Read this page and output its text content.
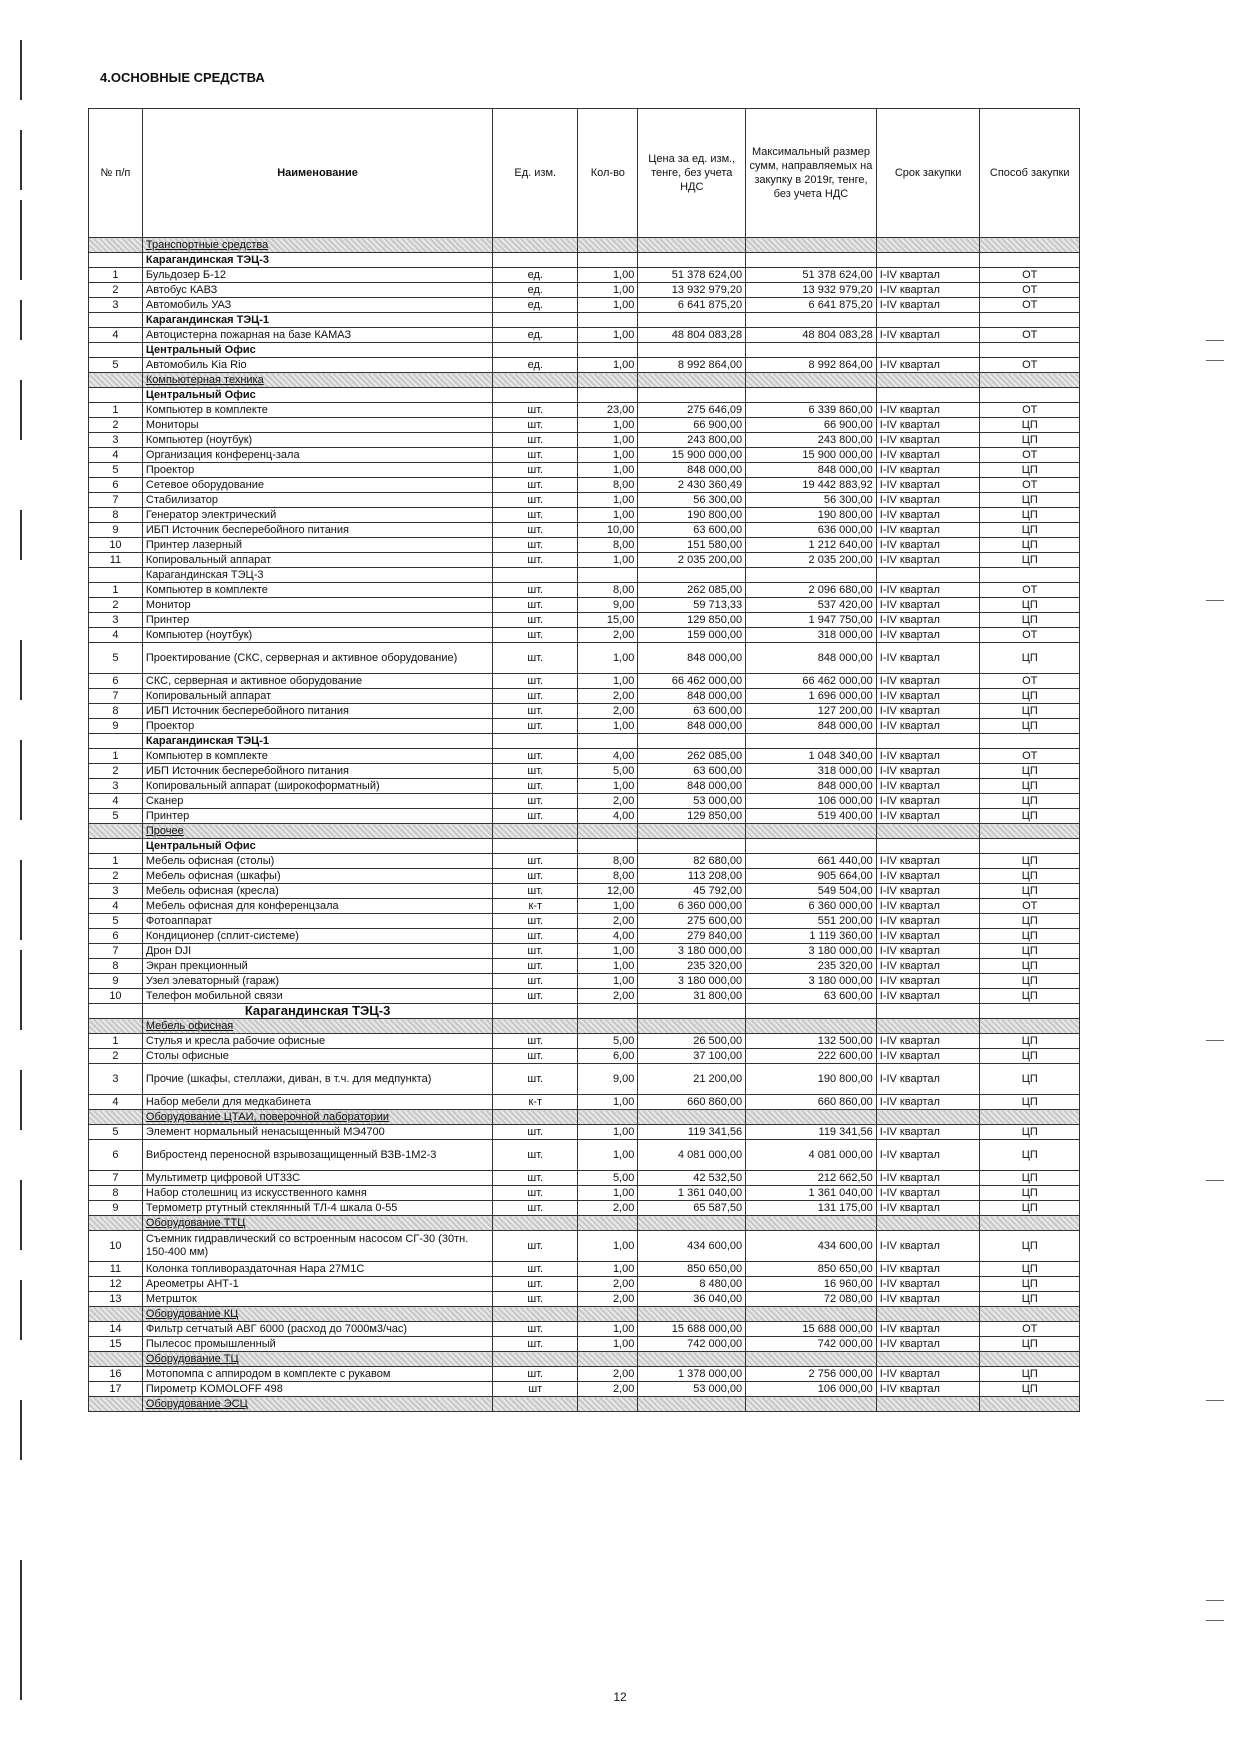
4.ОСНОВНЫЕ СРЕДСТВА
№ п/п	Наименование	Ед. изм.	Кол-во	Цена за ед. изм., тенге, без учета НДС	Максимальный размер сумм, направляемых на закупку в 2019г, тенге, без учета НДС	Срок закупки	Способ закупки
	Транспортные средства						
	Карагандинская ТЭЦ-3						
1	Бульдозер Б-12	ед.	1,00	51 378 624,00	51 378 624,00	I-IV квартал	ОТ
2	Автобус КАВЗ	ед.	1,00	13 932 979,20	13 932 979,20	I-IV квартал	ОТ
3	Автомобиль УАЗ	ед.	1,00	6 641 875,20	6 641 875,20	I-IV квартал	ОТ
	Карагандинская ТЭЦ-1						
4	Автоцистерна пожарная на базе КАМАЗ	ед.	1,00	48 804 083,28	48 804 083,28	I-IV квартал	ОТ
	Центральный Офис						
5	Автомобиль Kia Rio	ед.	1,00	8 992 864,00	8 992 864,00	I-IV квартал	ОТ
	Компьютерная техника						
	Центральный Офис						
1	Компьютер в комплекте	шт.	23,00	275 646,09	6 339 860,00	I-IV квартал	ОТ
2	Мониторы	шт.	1,00	66 900,00	66 900,00	I-IV квартал	ЦП
3	Компьютер (ноутбук)	шт.	1,00	243 800,00	243 800,00	I-IV квартал	ЦП
4	Организация конференц-зала	шт.	1,00	15 900 000,00	15 900 000,00	I-IV квартал	ОТ
5	Проектор	шт.	1,00	848 000,00	848 000,00	I-IV квартал	ЦП
6	Сетевое оборудование	шт.	8,00	2 430 360,49	19 442 883,92	I-IV квартал	ОТ
7	Стабилизатор	шт.	1,00	56 300,00	56 300,00	I-IV квартал	ЦП
8	Генератор электрический	шт.	1,00	190 800,00	190 800,00	I-IV квартал	ЦП
9	ИБП Источник бесперебойного питания	шт.	10,00	63 600,00	636 000,00	I-IV квартал	ЦП
10	Принтер лазерный	шт.	8,00	151 580,00	1 212 640,00	I-IV квартал	ЦП
11	Копировальный аппарат	шт.	1,00	2 035 200,00	2 035 200,00	I-IV квартал	ЦП
	Карагандинская ТЭЦ-3						
1	Компьютер в комплекте	шт.	8,00	262 085,00	2 096 680,00	I-IV квартал	ОТ
2	Монитор	шт.	9,00	59 713,33	537 420,00	I-IV квартал	ЦП
3	Принтер	шт.	15,00	129 850,00	1 947 750,00	I-IV квартал	ЦП
4	Компьютер (ноутбук)	шт.	2,00	159 000,00	318 000,00	I-IV квартал	ОТ
5	Проектирование (СКС, серверная и активное оборудование)	шт.	1,00	848 000,00	848 000,00	I-IV квартал	ЦП
6	СКС, серверная и активное оборудование	шт.	1,00	66 462 000,00	66 462 000,00	I-IV квартал	ОТ
7	Копировальный аппарат	шт.	2,00	848 000,00	1 696 000,00	I-IV квартал	ЦП
8	ИБП Источник бесперебойного питания	шт.	2,00	63 600,00	127 200,00	I-IV квартал	ЦП
9	Проектор	шт.	1,00	848 000,00	848 000,00	I-IV квартал	ЦП
	Карагандинская ТЭЦ-1						
1	Компьютер в комплекте	шт.	4,00	262 085,00	1 048 340,00	I-IV квартал	ОТ
2	ИБП Источник бесперебойного питания	шт.	5,00	63 600,00	318 000,00	I-IV квартал	ЦП
3	Копировальный аппарат (широкоформатный)	шт.	1,00	848 000,00	848 000,00	I-IV квартал	ЦП
4	Сканер	шт.	2,00	53 000,00	106 000,00	I-IV квартал	ЦП
5	Принтер	шт.	4,00	129 850,00	519 400,00	I-IV квартал	ЦП
	Прочее						
	Центральный Офис						
1	Мебель офисная (столы)	шт.	8,00	82 680,00	661 440,00	I-IV квартал	ЦП
2	Мебель офисная (шкафы)	шт.	8,00	113 208,00	905 664,00	I-IV квартал	ЦП
3	Мебель офисная (кресла)	шт.	12,00	45 792,00	549 504,00	I-IV квартал	ЦП
4	Мебель офисная для конференцзала	к-т	1,00	6 360 000,00	6 360 000,00	I-IV квартал	ОТ
5	Фотоаппарат	шт.	2,00	275 600,00	551 200,00	I-IV квартал	ЦП
6	Кондиционер (сплит-системе)	шт.	4,00	279 840,00	1 119 360,00	I-IV квартал	ЦП
7	Дрон DJI	шт.	1,00	3 180 000,00	3 180 000,00	I-IV квартал	ЦП
8	Экран прекционный	шт.	1,00	235 320,00	235 320,00	I-IV квартал	ЦП
9	Узел элеваторный (гараж)	шт.	1,00	3 180 000,00	3 180 000,00	I-IV квартал	ЦП
10	Телефон мобильной связи	шт.	2,00	31 800,00	63 600,00	I-IV квартал	ЦП
	Карагандинская ТЭЦ-3						
	Мебель офисная						
1	Стулья и кресла рабочие офисные	шт.	5,00	26 500,00	132 500,00	I-IV квартал	ЦП
2	Столы офисные	шт.	6,00	37 100,00	222 600,00	I-IV квартал	ЦП
3	Прочие (шкафы, стеллажи, диван, в т.ч. для медпункта)	шт.	9,00	21 200,00	190 800,00	I-IV квартал	ЦП
4	Набор мебели для медкабинета	к-т	1,00	660 860,00	660 860,00	I-IV квартал	ЦП
	Оборудование ЦТАИ, поверочной лаборатории						
5	Элемент нормальный ненасыщенный МЭ4700	шт.	1,00	119 341,56	119 341,56	I-IV квартал	ЦП
6	Вибростенд переносной взрывозащищенный ВЗВ-1М2-3	шт.	1,00	4 081 000,00	4 081 000,00	I-IV квартал	ЦП
7	Мультиметр цифровой UT33C	шт.	5,00	42 532,50	212 662,50	I-IV квартал	ЦП
8	Набор столешниц из искусственного камня	шт.	1,00	1 361 040,00	1 361 040,00	I-IV квартал	ЦП
9	Термометр ртутный стеклянный ТЛ-4 шкала 0-55	шт.	2,00	65 587,50	131 175,00	I-IV квартал	ЦП
	Оборудование ТТЦ						
10	Съемник гидравлический со встроенным насосом СГ-30 (30тн. 150-400 мм)	шт.	1,00	434 600,00	434 600,00	I-IV квартал	ЦП
11	Колонка топливораздаточная Нара 27М1С	шт.	1,00	850 650,00	850 650,00	I-IV квартал	ЦП
12	Ареометры АНТ-1	шт.	2,00	8 480,00	16 960,00	I-IV квартал	ЦП
13	Метршток	шт.	2,00	36 040,00	72 080,00	I-IV квартал	ЦП
	Оборудование КЦ						
14	Фильтр сетчатый АВГ 6000 (расход до 7000м3/час)	шт.	1,00	15 688 000,00	15 688 000,00	I-IV квартал	ОТ
15	Пылесос промышленный	шт.	1,00	742 000,00	742 000,00	I-IV квартал	ЦП
	Оборудование ТЦ						
16	Мотопомпа с аппиродом в комплекте с рукавом	шт.	2,00	1 378 000,00	2 756 000,00	I-IV квартал	ЦП
17	Пирометр KOMOLOFF 498	шт	2,00	53 000,00	106 000,00	I-IV квартал	ЦП
	Оборудование ЭСЦ						
12
